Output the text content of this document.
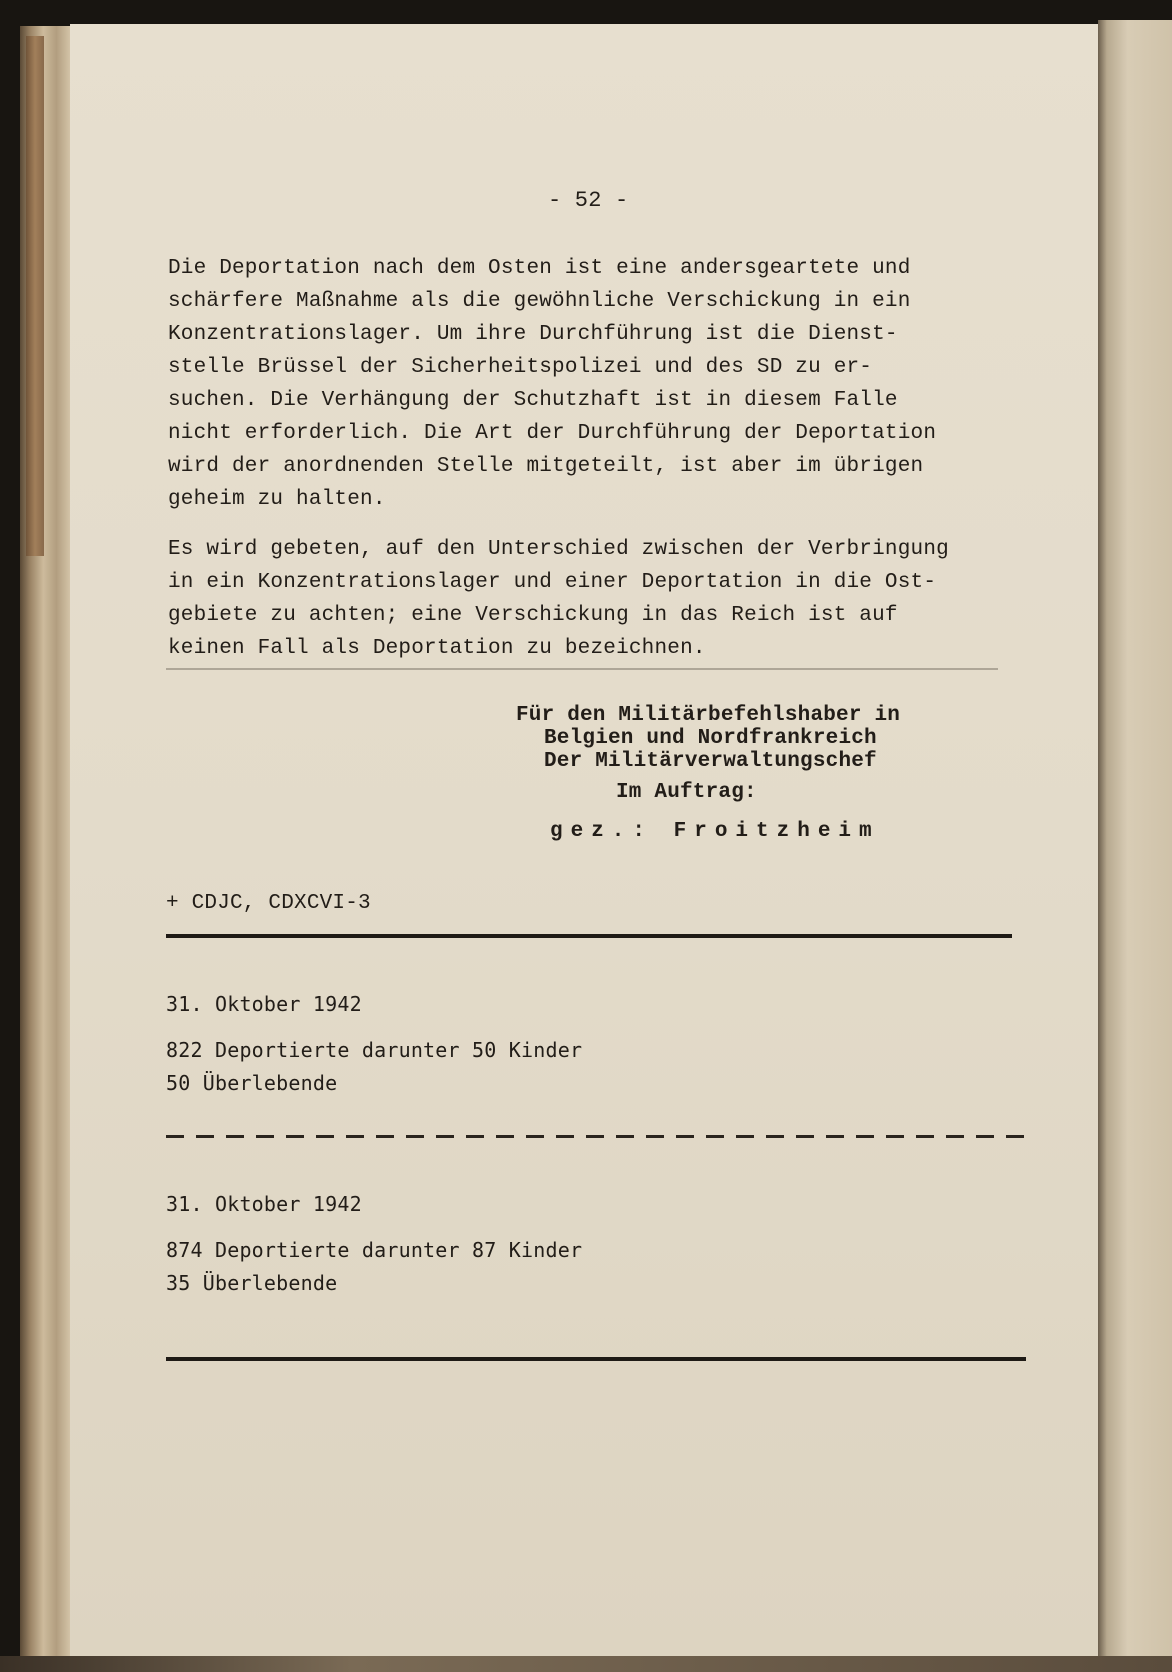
- 52 -
Die Deportation nach dem Osten ist eine andersgeartete und
schärfere Maßnahme als die gewöhnliche Verschickung in ein
Konzentrationslager. Um ihre Durchführung ist die Dienst-
stelle Brüssel der Sicherheitspolizei und des SD zu er-
suchen. Die Verhängung der Schutzhaft ist in diesem Falle
nicht erforderlich. Die Art der Durchführung der Deportation
wird der anordnenden Stelle mitgeteilt, ist aber im übrigen
geheim zu halten.
Es wird gebeten, auf den Unterschied zwischen der Verbringung
in ein Konzentrationslager und einer Deportation in die Ost-
gebiete zu achten; eine Verschickung in das Reich ist auf
keinen Fall als Deportation zu bezeichnen.
Für den Militärbefehlshaber in
Belgien und Nordfrankreich
Der Militärverwaltungschef
Im Auftrag:
gez.: Froitzheim
+ CDJC, CDXCVI-3
31. Oktober 1942
822 Deportierte darunter 50 Kinder
50 Überlebende
31. Oktober 1942
874 Deportierte darunter 87 Kinder
35 Überlebende
